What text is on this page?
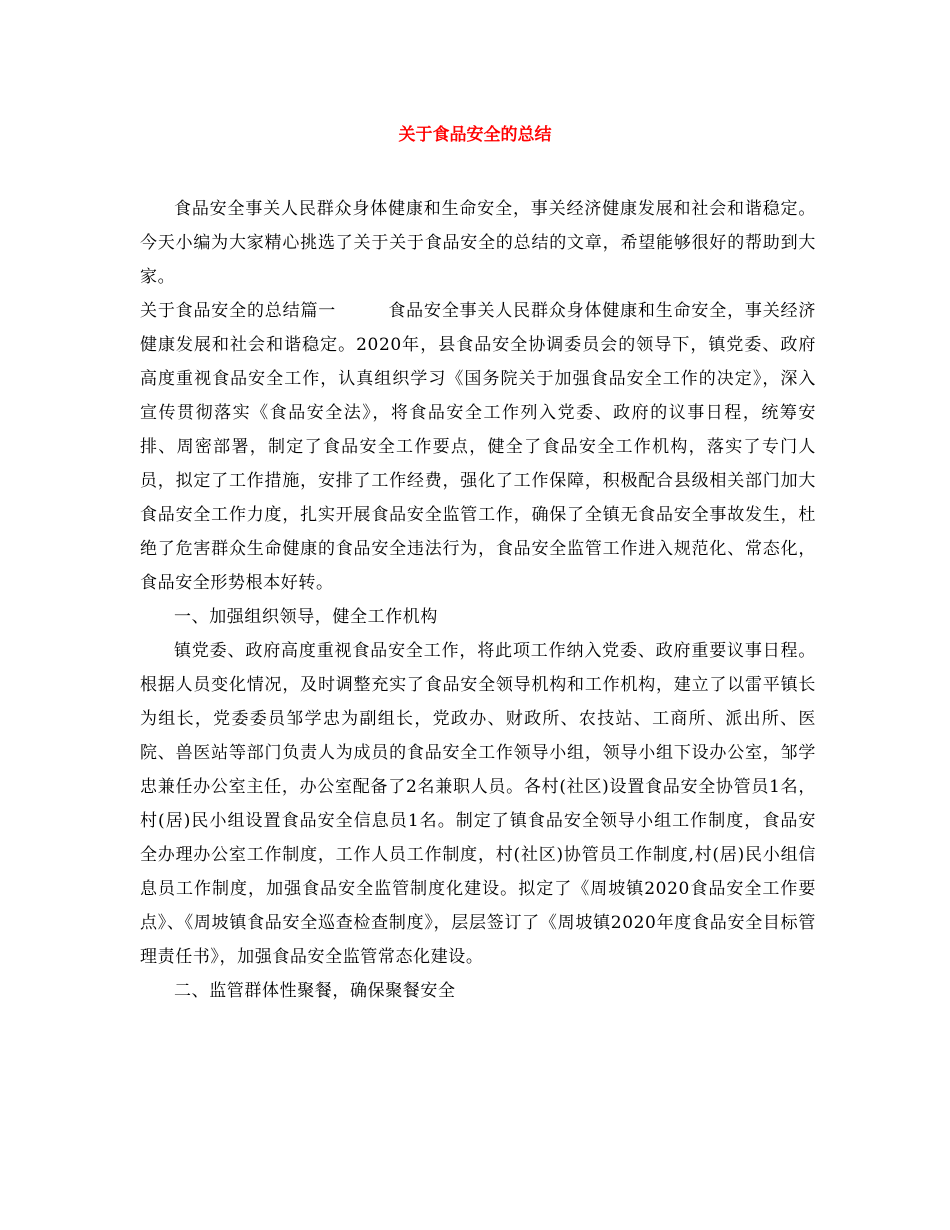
关于食品安全的总结

食品安全事关人民群众身体健康和生命安全，事关经济健康发展和社会和谐稳定。今天小编为大家精心挑选了关于关于食品安全的总结的文章，希望能够很好的帮助到大家。

关于食品安全的总结篇一	食品安全事关人民群众身体健康和生命安全，事关经济健康发展和社会和谐稳定。2020年，县食品安全协调委员会的领导下，镇党委、政府高度重视食品安全工作，认真组织学习《国务院关于加强食品安全工作的决定》，深入宣传贯彻落实《食品安全法》，将食品安全工作列入党委、政府的议事日程，统筹安排、周密部署，制定了食品安全工作要点，健全了食品安全工作机构，落实了专门人员，拟定了工作措施，安排了工作经费，强化了工作保障，积极配合县级相关部门加大食品安全工作力度，扎实开展食品安全监管工作，确保了全镇无食品安全事故发生，杜绝了危害群众生命健康的食品安全违法行为，食品安全监管工作进入规范化、常态化，食品安全形势根本好转。

一、加强组织领导，健全工作机构

镇党委、政府高度重视食品安全工作，将此项工作纳入党委、政府重要议事日程。根据人员变化情况，及时调整充实了食品安全领导机构和工作机构，建立了以雷平镇长为组长，党委委员邹学忠为副组长，党政办、财政所、农技站、工商所、派出所、医院、兽医站等部门负责人为成员的食品安全工作领导小组，领导小组下设办公室，邹学忠兼任办公室主任，办公室配备了2名兼职人员。各村(社区)设置食品安全协管员1名，村(居)民小组设置食品安全信息员1名。制定了镇食品安全领导小组工作制度，食品安全办理办公室工作制度，工作人员工作制度，村(社区)协管员工作制度,村(居)民小组信息员工作制度，加强食品安全监管制度化建设。拟定了《周坡镇2020食品安全工作要点》、《周坡镇食品安全巡查检查制度》，层层签订了《周坡镇2020年度食品安全目标管理责任书》，加强食品安全监管常态化建设。

二、监管群体性聚餐，确保聚餐安全
